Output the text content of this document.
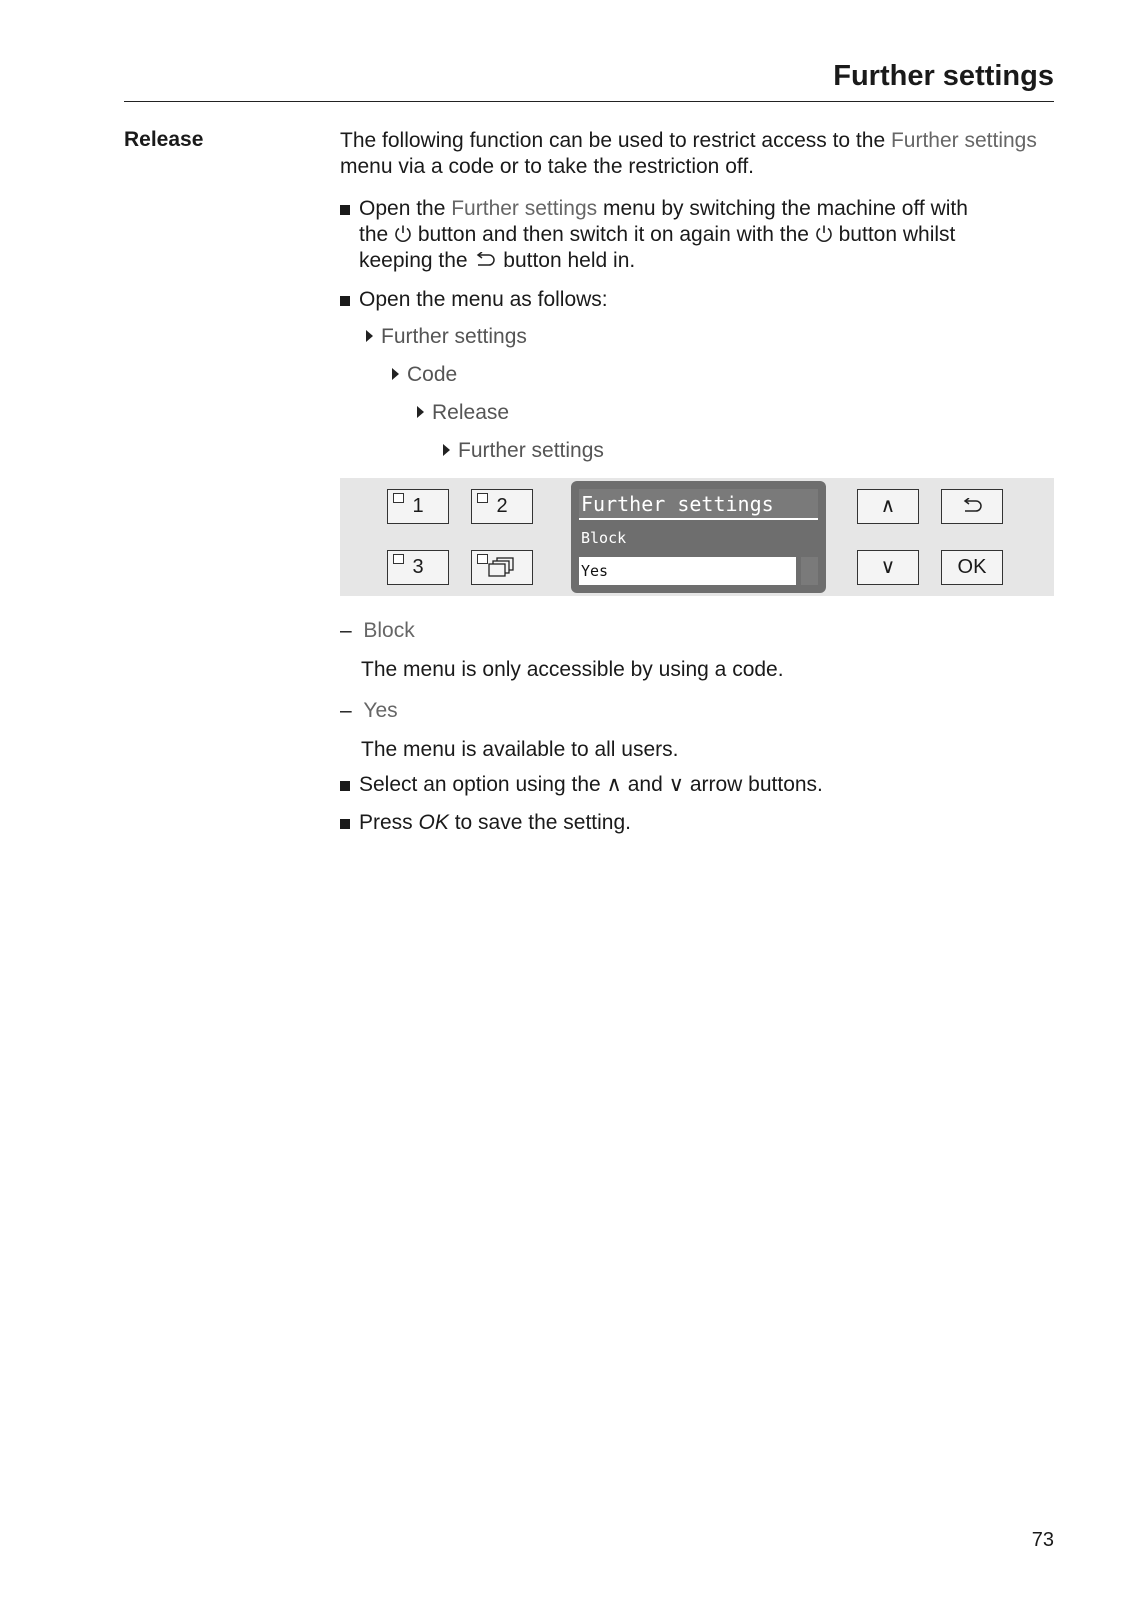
Further settings
Release	The following function can be used to restrict access to the Further settings menu via a code or to take the restriction off.
Open the Further settings menu by switching the machine off with
the  button and then switch it on again with the  button whilst
keeping the  button held in.
Open the menu as follows:
Further settings
Code
Release
Further settings
1	2
3
Further settings
Block
Yes
∧
∨	OK
– Block
The menu is only accessible by using a code.
– Yes
The menu is available to all users.
Select an option using the ∧ and ∨ arrow buttons.
Press OK to save the setting.
73
